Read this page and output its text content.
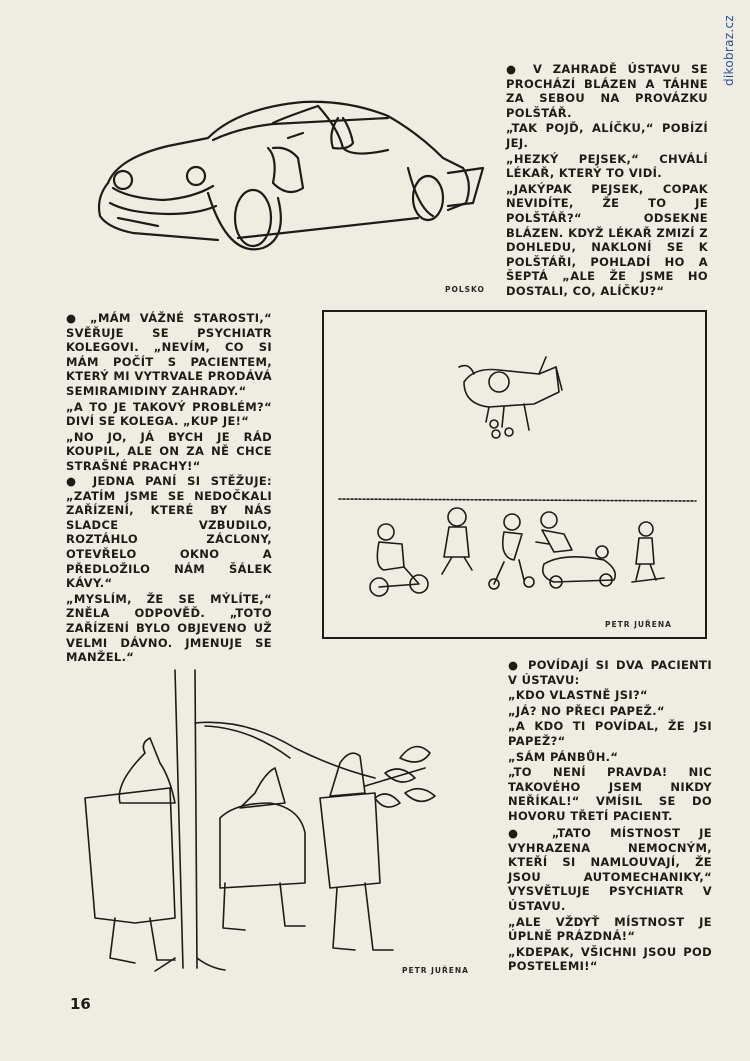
dikobraz.cz
POLSKO

● V ZAHRADĚ ÚSTAVU SE PROCHÁZÍ BLÁZEN A TÁHNE ZA SEBOU NA PROVÁZKU POLŠTÁŘ.

„TAK POJĎ, ALÍČKU,“ POBÍZÍ JEJ.

„HEZKÝ PEJSEK,“ CHVÁLÍ LÉKAŘ, KTERÝ TO VIDÍ.

„JAKÝPAK PEJSEK, COPAK NEVIDÍTE, ŽE TO JE POLŠTÁŘ?“ ODSEKNE BLÁZEN. KDYŽ LÉKAŘ ZMIZÍ Z DOHLEDU, NAKLONÍ SE K POLŠTÁŘI, POHLADÍ HO A ŠEPTÁ „ALE ŽE JSME HO DOSTALI, CO, ALÍČKU?“

● „MÁM VÁŽNÉ STAROSTI,“ SVĚŘUJE SE PSYCHIATR KOLEGOVI. „NEVÍM, CO SI MÁM POČÍT S PACIENTEM, KTERÝ MI VYTRVALE PRODÁVÁ SEMIRAMIDINY ZAHRADY.“

„A TO JE TAKOVÝ PROBLÉM?“ DIVÍ SE KOLEGA. „KUP JE!“

„NO JO, JÁ BYCH JE RÁD KOUPIL, ALE ON ZA NĚ CHCE STRAŠNÉ PRACHY!“

● JEDNA PANÍ SI STĚŽUJE: „ZATÍM JSME SE NEDOČKALI ZAŘÍZENÍ, KTERÉ BY NÁS SLADCE VZBUDILO, ROZTÁHLO ZÁCLONY, OTEVŘELO OKNO A PŘEDLOŽILO NÁM ŠÁLEK KÁVY.“

„MYSLÍM, ŽE SE MÝLÍTE,“ ZNĚLA ODPOVĚĎ. „TOTO ZAŘÍZENÍ BYLO OBJEVENO UŽ VELMI DÁVNO. JMENUJE SE MANŽEL.“

PETR JUŘENA
PETR JUŘENA

● POVÍDAJÍ SI DVA PACIENTI V ÚSTAVU:

„KDO VLASTNĚ JSI?“

„JÁ? NO PŘECI PAPEŽ.“

„A KDO TI POVÍDAL, ŽE JSI PAPEŽ?“

„SÁM PÁNBŮH.“

„TO NENÍ PRAVDA! NIC TAKOVÉHO JSEM NIKDY NEŘÍKAL!“ VMÍSIL SE DO HOVORU TŘETÍ PACIENT.

● „TATO MÍSTNOST JE VYHRAZENA NEMOCNÝM, KTEŘÍ SI NAMLOUVAJÍ, ŽE JSOU AUTOMECHANIKY,“ VYSVĚTLUJE PSYCHIATR V ÚSTAVU.

„ALE VŽDYŤ MÍSTNOST JE ÚPLNĚ PRÁZDNÁ!“

„KDEPAK, VŠICHNI JSOU POD POSTELEMI!“

16
